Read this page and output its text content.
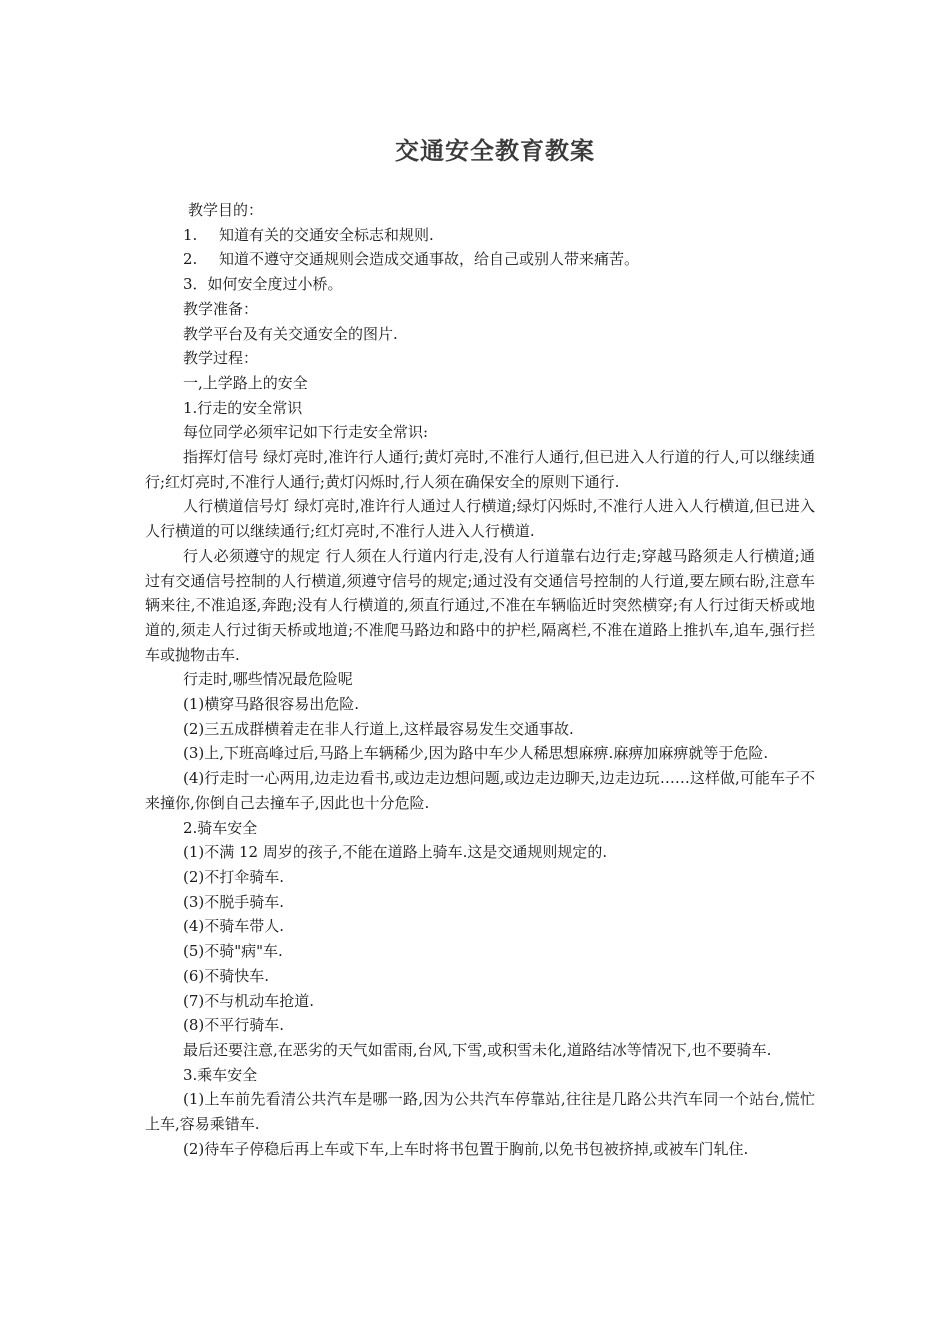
交通安全教育教案

教学目的：

1. 知道有关的交通安全标志和规则.

2. 知道不遵守交通规则会造成交通事故，给自己或别人带来痛苦。

3．如何安全度过小桥。

教学准备：

教学平台及有关交通安全的图片.

教学过程：

一,上学路上的安全

1.行走的安全常识

每位同学必须牢记如下行走安全常识:

指挥灯信号 绿灯亮时,准许行人通行;黄灯亮时,不准行人通行,但已进入人行道的行人,可以继续通行;红灯亮时,不准行人通行;黄灯闪烁时,行人须在确保安全的原则下通行.

人行横道信号灯 绿灯亮时,准许行人通过人行横道;绿灯闪烁时,不准行人进入人行横道,但已进入人行横道的可以继续通行;红灯亮时,不准行人进入人行横道.

行人必须遵守的规定 行人须在人行道内行走,没有人行道靠右边行走;穿越马路须走人行横道;通过有交通信号控制的人行横道,须遵守信号的规定;通过没有交通信号控制的人行道,要左顾右盼,注意车辆来往,不准追逐,奔跑;没有人行横道的,须直行通过,不准在车辆临近时突然横穿;有人行过街天桥或地道的,须走人行过街天桥或地道;不准爬马路边和路中的护栏,隔离栏,不准在道路上推扒车,追车,强行拦车或抛物击车.

行走时,哪些情况最危险呢

(1)横穿马路很容易出危险.

(2)三五成群横着走在非人行道上,这样最容易发生交通事故.

(3)上,下班高峰过后,马路上车辆稀少,因为路中车少人稀思想麻痹.麻痹加麻痹就等于危险.

(4)行走时一心两用,边走边看书,或边走边想问题,或边走边聊天,边走边玩……这样做,可能车子不来撞你,你倒自己去撞车子,因此也十分危险.

2.骑车安全

(1)不满 12 周岁的孩子,不能在道路上骑车.这是交通规则规定的.

(2)不打伞骑车.

(3)不脱手骑车.

(4)不骑车带人.

(5)不骑"病"车.

(6)不骑快车.

(7)不与机动车抢道.

(8)不平行骑车.

最后还要注意,在恶劣的天气如雷雨,台风,下雪,或积雪未化,道路结冰等情况下,也不要骑车.

3.乘车安全

(1)上车前先看清公共汽车是哪一路,因为公共汽车停靠站,往往是几路公共汽车同一个站台,慌忙上车,容易乘错车.

(2)待车子停稳后再上车或下车,上车时将书包置于胸前,以免书包被挤掉,或被车门轧住.
